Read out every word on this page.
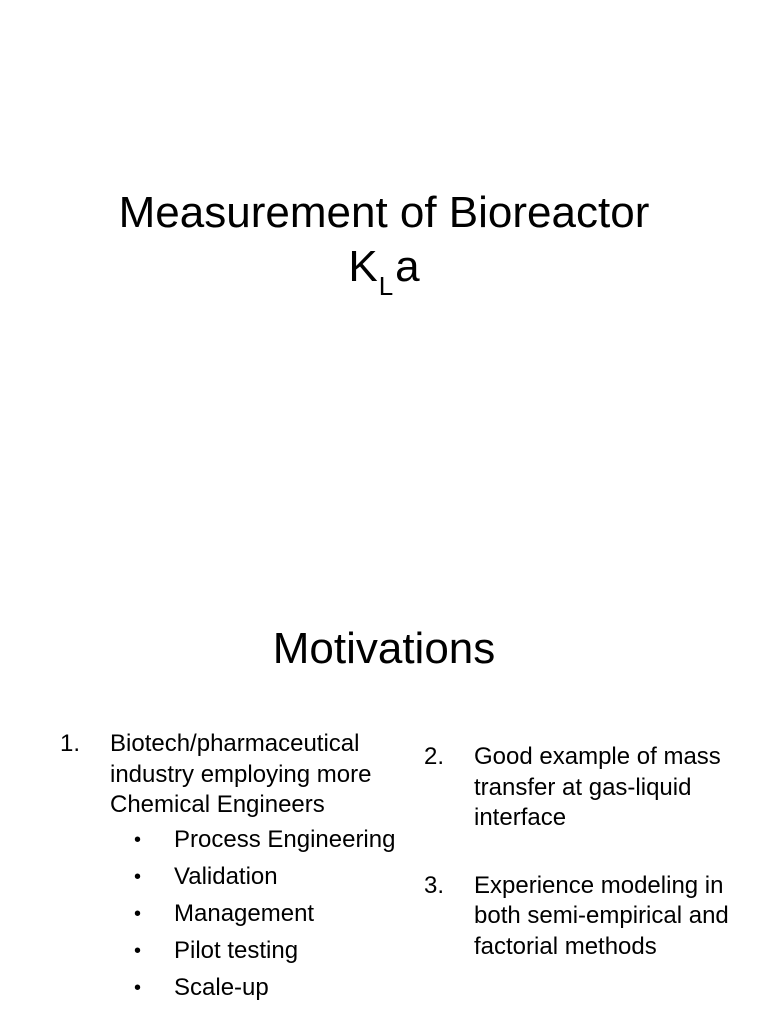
Measurement of Bioreactor
$K_La$
Motivations
1. Biotech/pharmaceutical industry employing more Chemical Engineers
• Process Engineering
• Validation
• Management
• Pilot testing
• Scale-up
2. Good example of mass transfer at gas-liquid interface
3. Experience modeling in both semi-empirical and factorial methods
